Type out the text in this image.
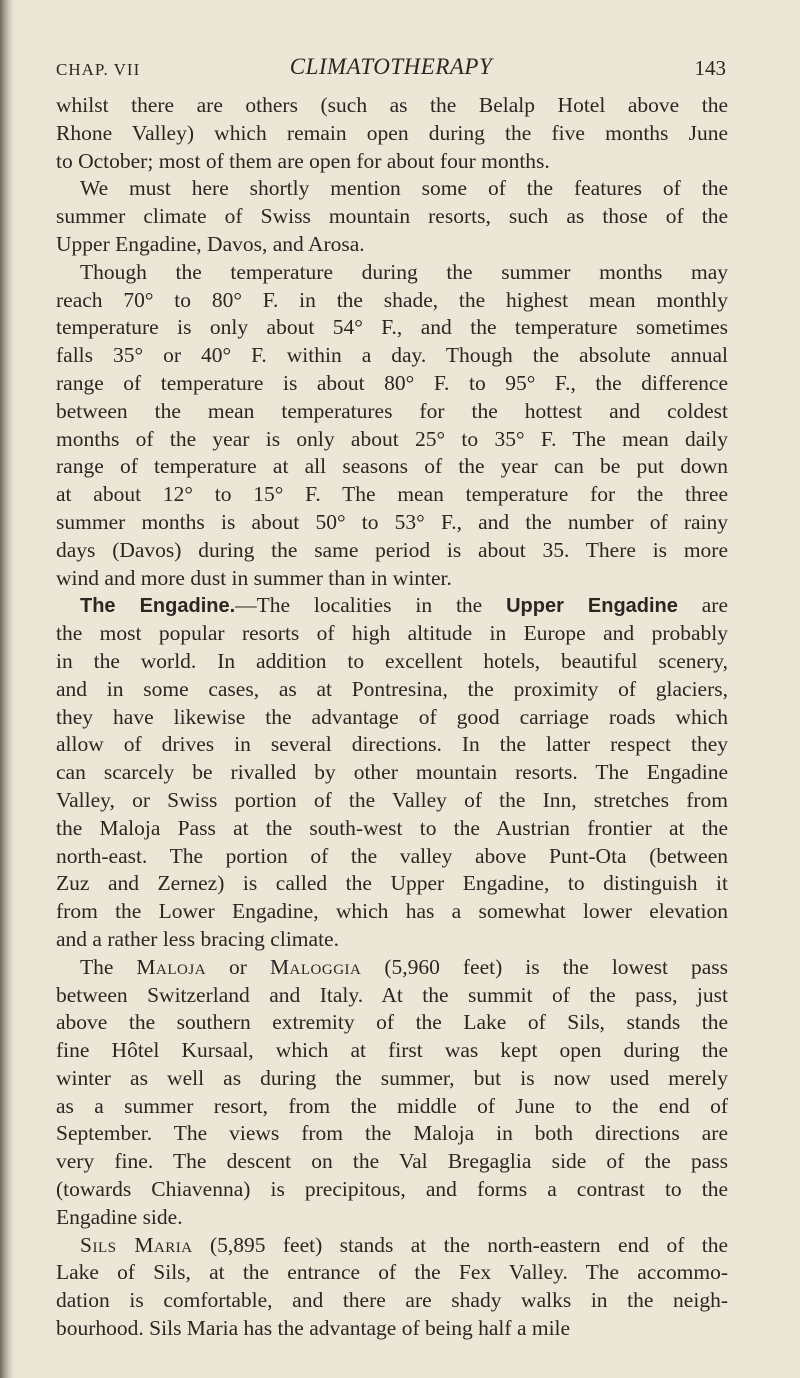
CHAP. VII	CLIMATOTHERAPY	143
whilst there are others (such as the Belalp Hotel above the
Rhone Valley) which remain open during the five months June
to October; most of them are open for about four months.
We must here shortly mention some of the features of the
summer climate of Swiss mountain resorts, such as those of the
Upper Engadine, Davos, and Arosa.
Though the temperature during the summer months may
reach 70° to 80° F. in the shade, the highest mean monthly
temperature is only about 54° F., and the temperature sometimes
falls 35° or 40° F. within a day. Though the absolute annual
range of temperature is about 80° F. to 95° F., the difference
between the mean temperatures for the hottest and coldest
months of the year is only about 25° to 35° F. The mean daily
range of temperature at all seasons of the year can be put down
at about 12° to 15° F. The mean temperature for the three
summer months is about 50° to 53° F., and the number of rainy
days (Davos) during the same period is about 35. There is more
wind and more dust in summer than in winter.
The Engadine.—The localities in the Upper Engadine are
the most popular resorts of high altitude in Europe and probably
in the world. In addition to excellent hotels, beautiful scenery,
and in some cases, as at Pontresina, the proximity of glaciers,
they have likewise the advantage of good carriage roads which
allow of drives in several directions. In the latter respect they
can scarcely be rivalled by other mountain resorts. The Engadine
Valley, or Swiss portion of the Valley of the Inn, stretches from
the Maloja Pass at the south-west to the Austrian frontier at the
north-east. The portion of the valley above Punt-Ota (between
Zuz and Zernez) is called the Upper Engadine, to distinguish it
from the Lower Engadine, which has a somewhat lower elevation
and a rather less bracing climate.
The Maloja or Maloggia (5,960 feet) is the lowest pass
between Switzerland and Italy. At the summit of the pass, just
above the southern extremity of the Lake of Sils, stands the
fine Hôtel Kursaal, which at first was kept open during the
winter as well as during the summer, but is now used merely
as a summer resort, from the middle of June to the end of
September. The views from the Maloja in both directions are
very fine. The descent on the Val Bregaglia side of the pass
(towards Chiavenna) is precipitous, and forms a contrast to the
Engadine side.
Sils Maria (5,895 feet) stands at the north-eastern end of the
Lake of Sils, at the entrance of the Fex Valley. The accommo-
dation is comfortable, and there are shady walks in the neigh-
bourhood. Sils Maria has the advantage of being half a mile
